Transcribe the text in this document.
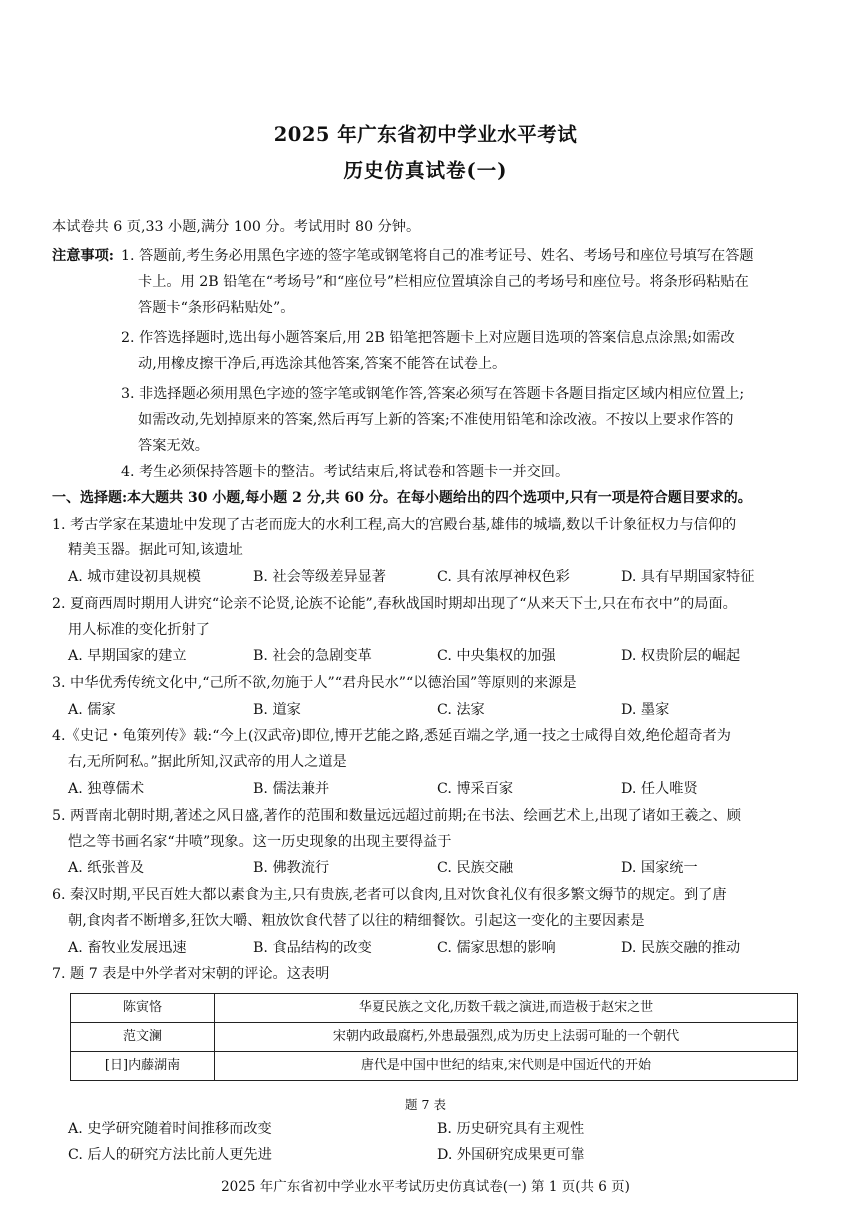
2025 年广东省初中学业水平考试
历史仿真试卷(一)
本试卷共 6 页,33 小题,满分 100 分。考试用时 80 分钟。
注意事项: 1. 答题前,考生务必用黑色字迹的签字笔或钢笔将自己的准考证号、姓名、考场号和座位号填写在答题
卡上。用 2B 铅笔在“考场号”和“座位号”栏相应位置填涂自己的考场号和座位号。将条形码粘贴在
答题卡“条形码粘贴处”。
2. 作答选择题时,选出每小题答案后,用 2B 铅笔把答题卡上对应题目选项的答案信息点涂黑;如需改
动,用橡皮擦干净后,再选涂其他答案,答案不能答在试卷上。
3. 非选择题必须用黑色字迹的签字笔或钢笔作答,答案必须写在答题卡各题目指定区域内相应位置上;
如需改动,先划掉原来的答案,然后再写上新的答案;不准使用铅笔和涂改液。不按以上要求作答的
答案无效。
4. 考生必须保持答题卡的整洁。考试结束后,将试卷和答题卡一并交回。
一、选择题:本大题共 30 小题,每小题 2 分,共 60 分。在每小题给出的四个选项中,只有一项是符合题目要求的。
1. 考古学家在某遗址中发现了古老而庞大的水利工程,高大的宫殿台基,雄伟的城墙,数以千计象征权力与信仰的
精美玉器。据此可知,该遗址
A. 城市建设初具规模	B. 社会等级差异显著	C. 具有浓厚神权色彩	D. 具有早期国家特征
2. 夏商西周时期用人讲究“论亲不论贤,论族不论能”,春秋战国时期却出现了“从来天下士,只在布衣中”的局面。
用人标准的变化折射了
A. 早期国家的建立	B. 社会的急剧变革	C. 中央集权的加强	D. 权贵阶层的崛起
3. 中华优秀传统文化中,“己所不欲,勿施于人”“君舟民水”“以德治国”等原则的来源是
A. 儒家	B. 道家	C. 法家	D. 墨家
4.《史记・龟策列传》载:“今上(汉武帝)即位,博开艺能之路,悉延百端之学,通一技之士咸得自效,绝伦超奇者为
右,无所阿私。”据此所知,汉武帝的用人之道是
A. 独尊儒术	B. 儒法兼并	C. 博采百家	D. 任人唯贤
5. 两晋南北朝时期,著述之风日盛,著作的范围和数量远远超过前期;在书法、绘画艺术上,出现了诸如王羲之、顾
恺之等书画名家“井喷”现象。这一历史现象的出现主要得益于
A. 纸张普及	B. 佛教流行	C. 民族交融	D. 国家统一
6. 秦汉时期,平民百姓大都以素食为主,只有贵族,老者可以食肉,且对饮食礼仪有很多繁文缛节的规定。到了唐
朝,食肉者不断增多,狂饮大嚼、粗放饮食代替了以往的精细餐饮。引起这一变化的主要因素是
A. 畜牧业发展迅速	B. 食品结构的改变	C. 儒家思想的影响	D. 民族交融的推动
7. 题 7 表是中外学者对宋朝的评论。这表明
陈寅恪	华夏民族之文化,历数千载之演进,而造极于赵宋之世
范文澜	宋朝内政最腐朽,外患最强烈,成为历史上法弱可耻的一个朝代
[日]内藤湖南	唐代是中国中世纪的结束,宋代则是中国近代的开始
题 7 表
A. 史学研究随着时间推移而改变	B. 历史研究具有主观性
C. 后人的研究方法比前人更先进	D. 外国研究成果更可靠
2025 年广东省初中学业水平考试历史仿真试卷(一) 第 1 页(共 6 页)
